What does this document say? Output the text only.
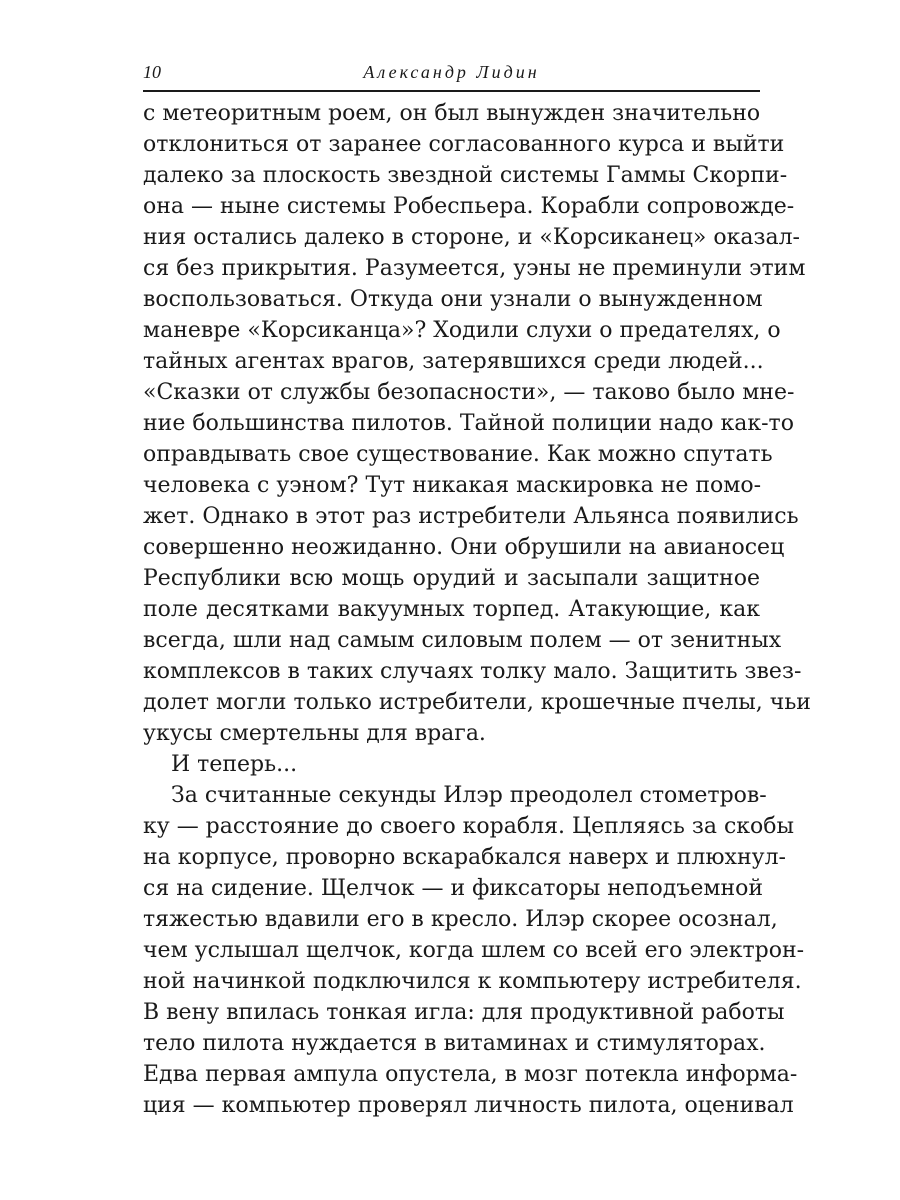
10	Александр Лидин
с метеоритным роем, он был вынужден значительно
отклониться от заранее согласованного курса и выйти
далеко за плоскость звездной системы Гаммы Скорпи-
она — ныне системы Робеспьера. Корабли сопровожде-
ния остались далеко в стороне, и «Корсиканец» оказал-
ся без прикрытия. Разумеется, уэны не преминули этим
воспользоваться. Откуда они узнали о вынужденном
маневре «Корсиканца»? Ходили слухи о предателях, о
тайных агентах врагов, затерявшихся среди людей...
«Сказки от службы безопасности», — таково было мне-
ние большинства пилотов. Тайной полиции надо как-то
оправдывать свое существование. Как можно спутать
человека с уэном? Тут никакая маскировка не помо-
жет. Однако в этот раз истребители Альянса появились
совершенно неожиданно. Они обрушили на авианосец
Республики всю мощь орудий и засыпали защитное
поле десятками вакуумных торпед. Атакующие, как
всегда, шли над самым силовым полем — от зенитных
комплексов в таких случаях толку мало. Защитить звез-
долет могли только истребители, крошечные пчелы, чьи
укусы смертельны для врага.
И теперь...
За считанные секунды Илэр преодолел стометров-
ку — расстояние до своего корабля. Цепляясь за скобы
на корпусе, проворно вскарабкался наверх и плюхнул-
ся на сидение. Щелчок — и фиксаторы неподъемной
тяжестью вдавили его в кресло. Илэр скорее осознал,
чем услышал щелчок, когда шлем со всей его электрон-
ной начинкой подключился к компьютеру истребителя.
В вену впилась тонкая игла: для продуктивной работы
тело пилота нуждается в витаминах и стимуляторах.
Едва первая ампула опустела, в мозг потекла информа-
ция — компьютер проверял личность пилота, оценивал
